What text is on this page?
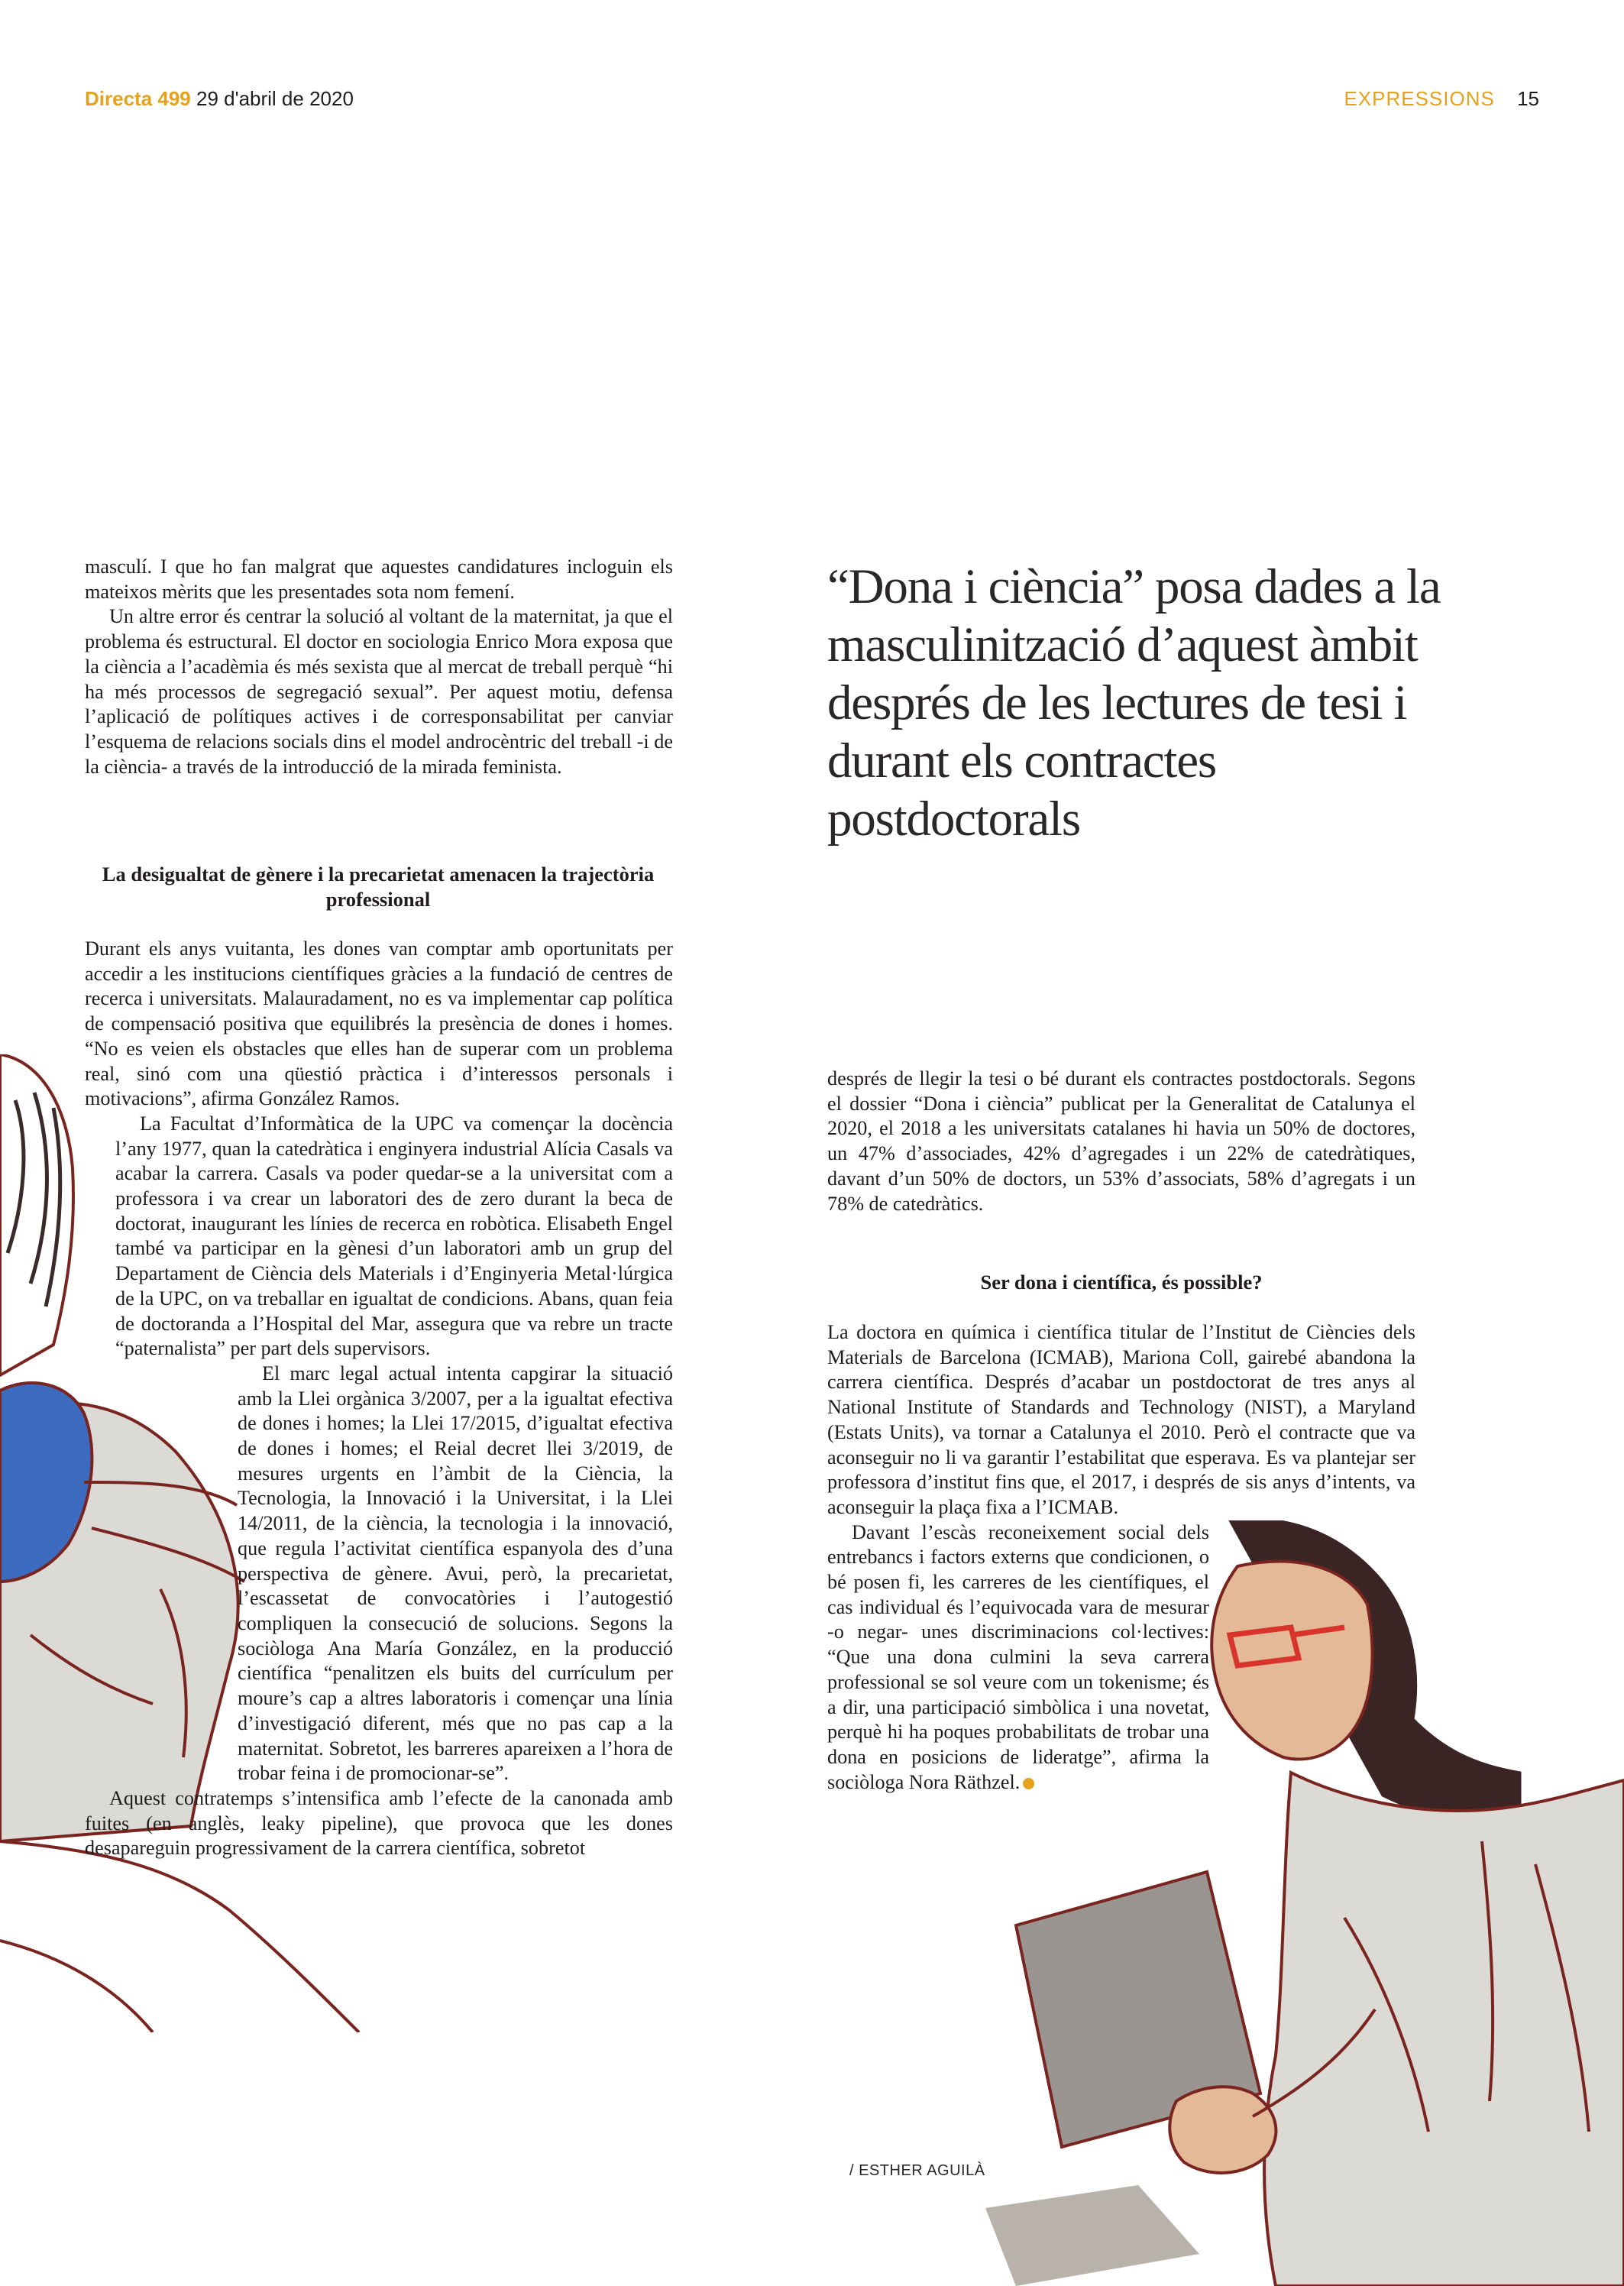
Directa 499 29 d'abril de 2020	EXPRESSIONS 15

masculí. I que ho fan malgrat que aquestes candidatures incloguin els mateixos mèrits que les presentades sota nom femení.

Un altre error és centrar la solució al voltant de la maternitat, ja que el problema és estructural. El doctor en sociologia Enrico Mora exposa que la ciència a l’acadèmia és més sexista que al mercat de treball perquè “hi ha més processos de segregació sexual”. Per aquest motiu, defensa l’aplicació de polítiques actives i de corresponsabilitat per canviar l’esquema de relacions socials dins el model androcèntric del treball -i de la ciència- a través de la introducció de la mirada feminista.

La desigualtat de gènere i la precarietat amenacen la trajectòria professional

Durant els anys vuitanta, les dones van comptar amb oportunitats per accedir a les institucions científiques gràcies a la fundació de centres de recerca i universitats. Malauradament, no es va implementar cap política de compensació positiva que equilibrés la presència de dones i homes. “No es veien els obstacles que elles han de superar com un problema real, sinó com una qüestió pràctica i d’interessos personals i motivacions”, afirma González Ramos.

La Facultat d’Informàtica de la UPC va començar la docència l’any 1977, quan la catedràtica i enginyera industrial Alícia Casals va acabar la carrera. Casals va poder quedar-se a la universitat com a professora i va crear un laboratori des de zero durant la beca de doctorat, inaugurant les línies de recerca en robòtica. Elisabeth Engel també va participar en la gènesi d’un laboratori amb un grup del Departament de Ciència dels Materials i d’Enginyeria Metal·lúrgica de la UPC, on va treballar en igualtat de condicions. Abans, quan feia de doctoranda a l’Hospital del Mar, assegura que va rebre un tracte “paternalista” per part dels supervisors.

El marc legal actual intenta capgirar la situació amb la Llei orgànica 3/2007, per a la igualtat efectiva de dones i homes; la Llei 17/2015, d’igualtat efectiva de dones i homes; el Reial decret llei 3/2019, de mesures urgents en l’àmbit de la Ciència, la Tecnologia, la Innovació i la Universitat, i la Llei 14/2011, de la ciència, la tecnologia i la innovació, que regula l’activitat científica espanyola des d’una perspectiva de gènere. Avui, però, la precarietat, l’escassetat de convocatòries i l’autogestió compliquen la consecució de solucions. Segons la sociòloga Ana María González, en la producció científica “penalitzen els buits del currículum per moure’s cap a altres laboratoris i començar una línia d’investigació diferent, més que no pas cap a la maternitat. Sobretot, les barreres apareixen a l’hora de trobar feina i de promocionar-se”.

Aquest contratemps s’intensifica amb l’efecte de la canonada amb fuites (en anglès, leaky pipeline), que provoca que les dones desapareguin progressivament de la carrera científica, sobretot

“Dona i ciència” posa dades a la masculinització d’aquest àmbit després de les lectures de tesi i durant els contractes postdoctorals

després de llegir la tesi o bé durant els contractes postdoctorals. Segons el dossier “Dona i ciència” publicat per la Generalitat de Catalunya el 2020, el 2018 a les universitats catalanes hi havia un 50% de doctores, un 47% d’associades, 42% d’agregades i un 22% de catedràtiques, davant d’un 50% de doctors, un 53% d’associats, 58% d’agregats i un 78% de catedràtics.

Ser dona i científica, és possible?

La doctora en química i científica titular de l’Institut de Ciències dels Materials de Barcelona (ICMAB), Mariona Coll, gairebé abandona la carrera científica. Després d’acabar un postdoctorat de tres anys al National Institute of Standards and Technology (NIST), a Maryland (Estats Units), va tornar a Catalunya el 2010. Però el contracte que va aconseguir no li va garantir l’estabilitat que esperava. Es va plantejar ser professora d’institut fins que, el 2017, i després de sis anys d’intents, va aconseguir la plaça fixa a l’ICMAB.

Davant l’escàs reconeixement social dels entrebancs i factors externs que condicionen, o bé posen fi, les carreres de les científiques, el cas individual és l’equivocada vara de mesurar -o negar- unes discriminacions col·lectives: “Que una dona culmini la seva carrera professional se sol veure com un tokenisme; és a dir, una participació simbòlica i una novetat, perquè hi ha poques probabilitats de trobar una dona en posicions de lideratge”, afirma la sociòloga Nora Räthzel.

/ ESTHER AGUILÀ
